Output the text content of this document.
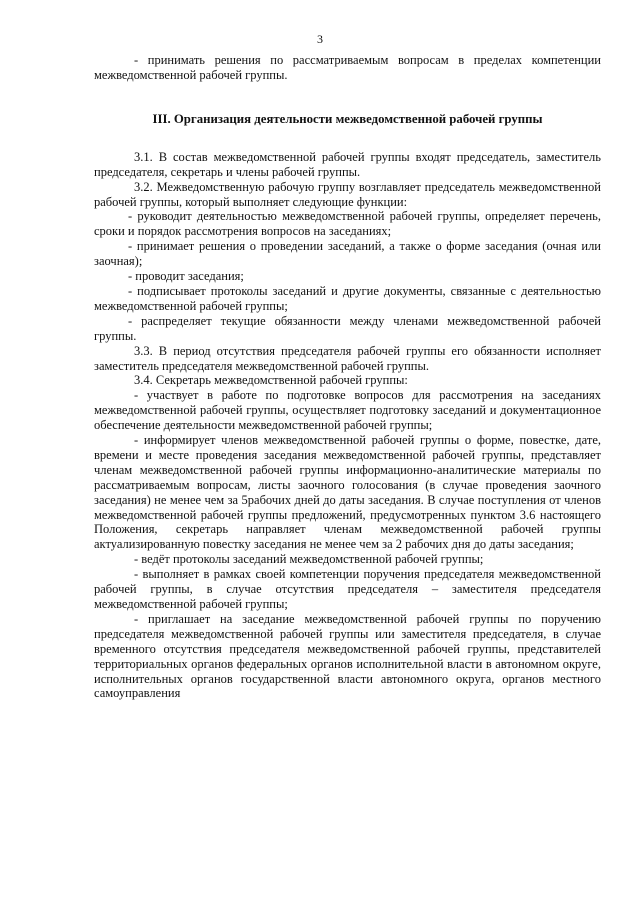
3

- принимать решения по рассматриваемым вопросам в пределах компетенции межведомственной рабочей группы.

III. Организация деятельности межведомственной рабочей группы

3.1. В состав межведомственной рабочей группы входят председатель, заместитель председателя, секретарь и члены рабочей группы.

3.2. Межведомственную рабочую группу возглавляет председатель межведомственной рабочей группы, который выполняет следующие функции:

- руководит деятельностью межведомственной рабочей группы, определяет перечень, сроки и порядок рассмотрения вопросов на заседаниях;

- принимает решения о проведении заседаний, а также о форме заседания (очная или заочная);

- проводит заседания;

- подписывает протоколы заседаний и другие документы, связанные с деятельностью межведомственной рабочей группы;

- распределяет текущие обязанности между членами межведомственной рабочей группы.

3.3. В период отсутствия председателя рабочей группы его обязанности исполняет заместитель председателя межведомственной рабочей группы.

3.4. Секретарь межведомственной рабочей группы:

- участвует в работе по подготовке вопросов для рассмотрения на заседаниях межведомственной рабочей группы, осуществляет подготовку заседаний и документационное обеспечение деятельности межведомственной рабочей группы;

- информирует членов межведомственной рабочей группы о форме, повестке, дате, времени и месте проведения заседания межведомственной рабочей группы, представляет членам межведомственной рабочей группы информационно-аналитические материалы по рассматриваемым вопросам, листы заочного голосования (в случае проведения заочного заседания) не менее чем за 5рабочих дней до даты заседания. В случае поступления от членов межведомственной рабочей группы предложений, предусмотренных пунктом 3.6 настоящего Положения, секретарь направляет членам межведомственной рабочей группы актуализированную повестку заседания не менее чем за 2 рабочих дня до даты заседания;

- ведёт протоколы заседаний межведомственной рабочей группы;

- выполняет в рамках своей компетенции поручения председателя межведомственной рабочей группы, в случае отсутствия председателя – заместителя председателя межведомственной рабочей группы;

- приглашает на заседание межведомственной рабочей группы по поручению председателя межведомственной рабочей группы или заместителя председателя, в случае временного отсутствия председателя межведомственной рабочей группы, представителей территориальных органов федеральных органов исполнительной власти в автономном округе, исполнительных органов государственной власти автономного округа, органов местного самоуправления
